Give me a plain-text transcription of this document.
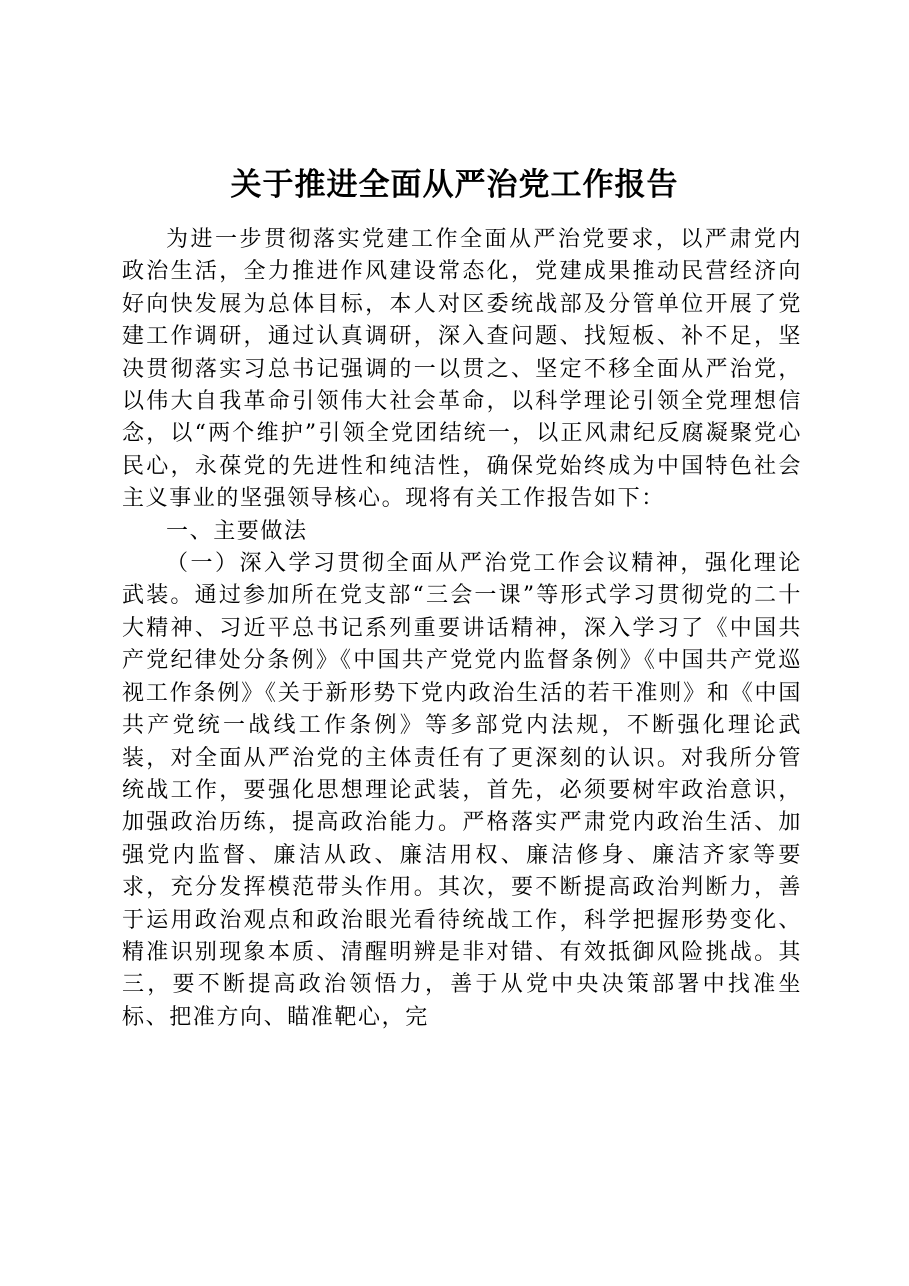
关于推进全面从严治党工作报告

为进一步贯彻落实党建工作全面从严治党要求，以严肃党内政治生活，全力推进作风建设常态化，党建成果推动民营经济向好向快发展为总体目标，本人对区委统战部及分管单位开展了党建工作调研，通过认真调研，深入查问题、找短板、补不足，坚决贯彻落实习总书记强调的一以贯之、坚定不移全面从严治党，以伟大自我革命引领伟大社会革命，以科学理论引领全党理想信念，以“两个维护”引领全党团结统一，以正风肃纪反腐凝聚党心民心，永葆党的先进性和纯洁性，确保党始终成为中国特色社会主义事业的坚强领导核心。现将有关工作报告如下：

一、主要做法

（一）深入学习贯彻全面从严治党工作会议精神，强化理论武装。通过参加所在党支部“三会一课”等形式学习贯彻党的二十大精神、习近平总书记系列重要讲话精神，深入学习了《中国共产党纪律处分条例》《中国共产党党内监督条例》《中国共产党巡视工作条例》《关于新形势下党内政治生活的若干准则》和《中国共产党统一战线工作条例》等多部党内法规，不断强化理论武装，对全面从严治党的主体责任有了更深刻的认识。对我所分管统战工作，要强化思想理论武装，首先，必须要树牢政治意识，加强政治历练，提高政治能力。严格落实严肃党内政治生活、加强党内监督、廉洁从政、廉洁用权、廉洁修身、廉洁齐家等要求，充分发挥模范带头作用。其次，要不断提高政治判断力，善于运用政治观点和政治眼光看待统战工作，科学把握形势变化、精准识别现象本质、清醒明辨是非对错、有效抵御风险挑战。其三，要不断提高政治领悟力，善于从党中央决策部署中找准坐标、把准方向、瞄准靶心，完
